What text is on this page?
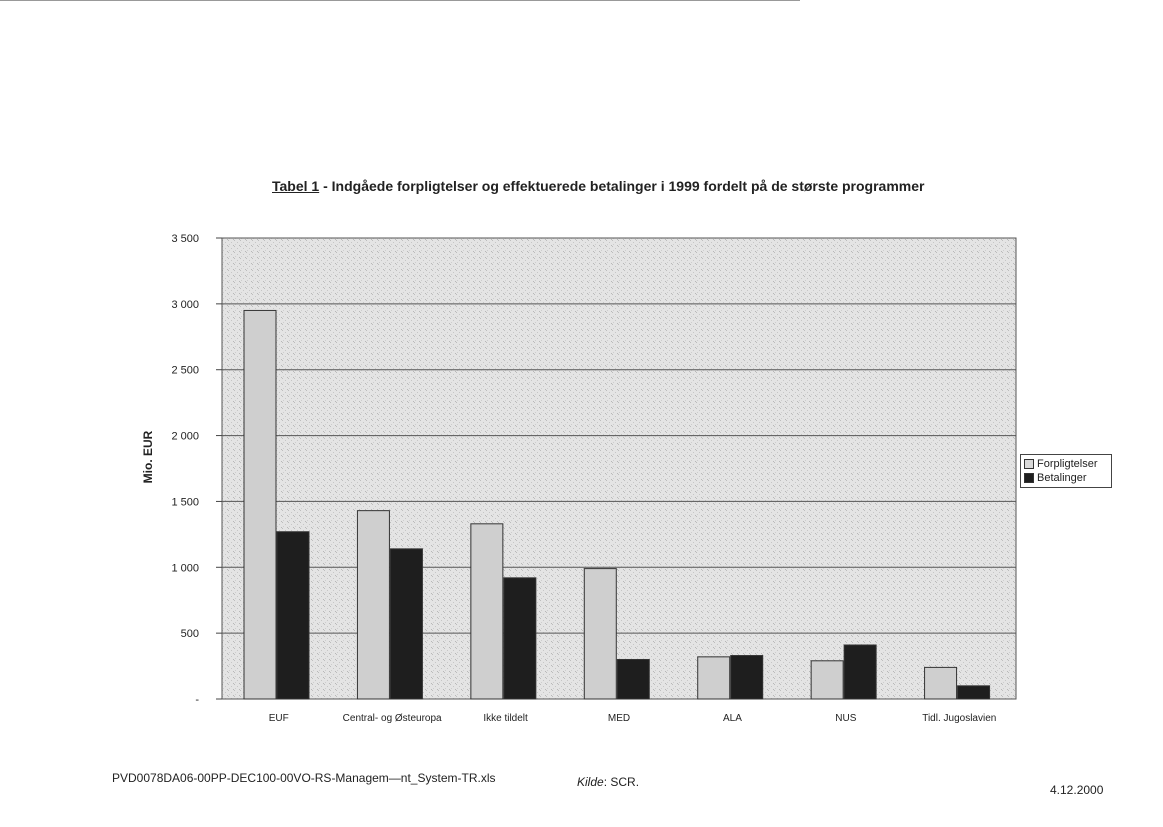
Tabel 1 - Indgåede forpligtelser og effektuerede betalinger i 1999 fordelt på de største programmer
Mio. EUR
-
500
1 000
1 500
2 000
2 500
3 000
3 500
EUF	Central- og Østeuropa	Ikke tildelt	MED	ALA	NUS	Tidl. Jugoslavien
Forpligtelser
Betalinger
PVD0078DA06-00PP-DEC100-00VO-RS-Managem—nt_System-TR.xls	Kilde: SCR.
4.12.2000
